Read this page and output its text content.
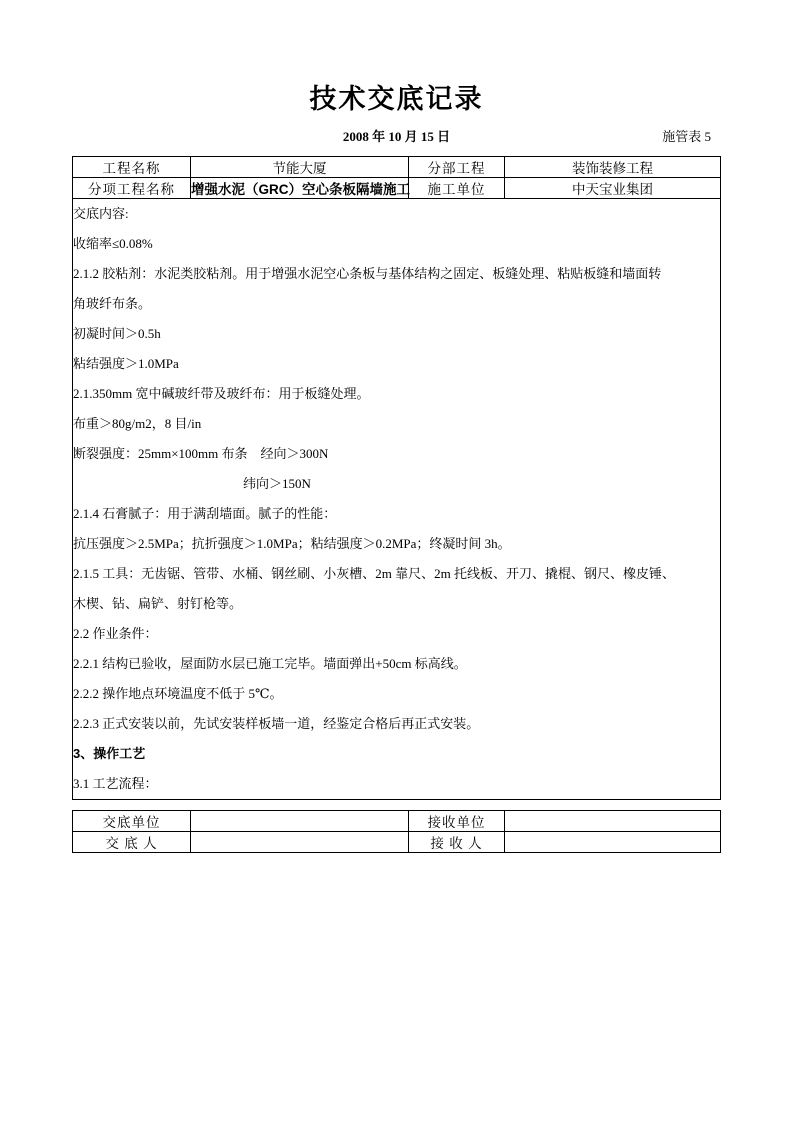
技术交底记录
2008 年 10 月 15 日	施管表 5
工程名称	节能大厦	分部工程	装饰装修工程
分项工程名称	增强水泥（GRC）空心条板隔墙施工	施工单位	中天宝业集团

交底内容:

收缩率≤0.08%

2.1.2 胶粘剂：水泥类胶粘剂。用于增强水泥空心条板与基体结构之固定、板缝处理、粘贴板缝和墙面转

角玻纤布条。

初凝时间＞0.5h

粘结强度＞1.0MPa

2.1.350mm 宽中碱玻纤带及玻纤布：用于板缝处理。

布重＞80g/m2，8 目/in

断裂强度：25mm×100mm 布条    经向＞300N

纬向＞150N

2.1.4 石膏腻子：用于满刮墙面。腻子的性能：

抗压强度＞2.5MPa；抗折强度＞1.0MPa；粘结强度＞0.2MPa；终凝时间 3h。

2.1.5 工具：无齿锯、管带、水桶、钢丝刷、小灰槽、2m 靠尺、2m 托线板、开刀、撬棍、钢尺、橡皮锤、

木楔、钻、扁铲、射钉枪等。

2.2 作业条件：

2.2.1 结构已验收，屋面防水层已施工完毕。墙面弹出+50cm 标高线。

2.2.2 操作地点环境温度不低于 5℃。

2.2.3 正式安装以前，先试安装样板墙一道，经鉴定合格后再正式安装。

3、操作工艺

3.1 工艺流程：

交底单位		接收单位	
交 底 人		接 收 人	
